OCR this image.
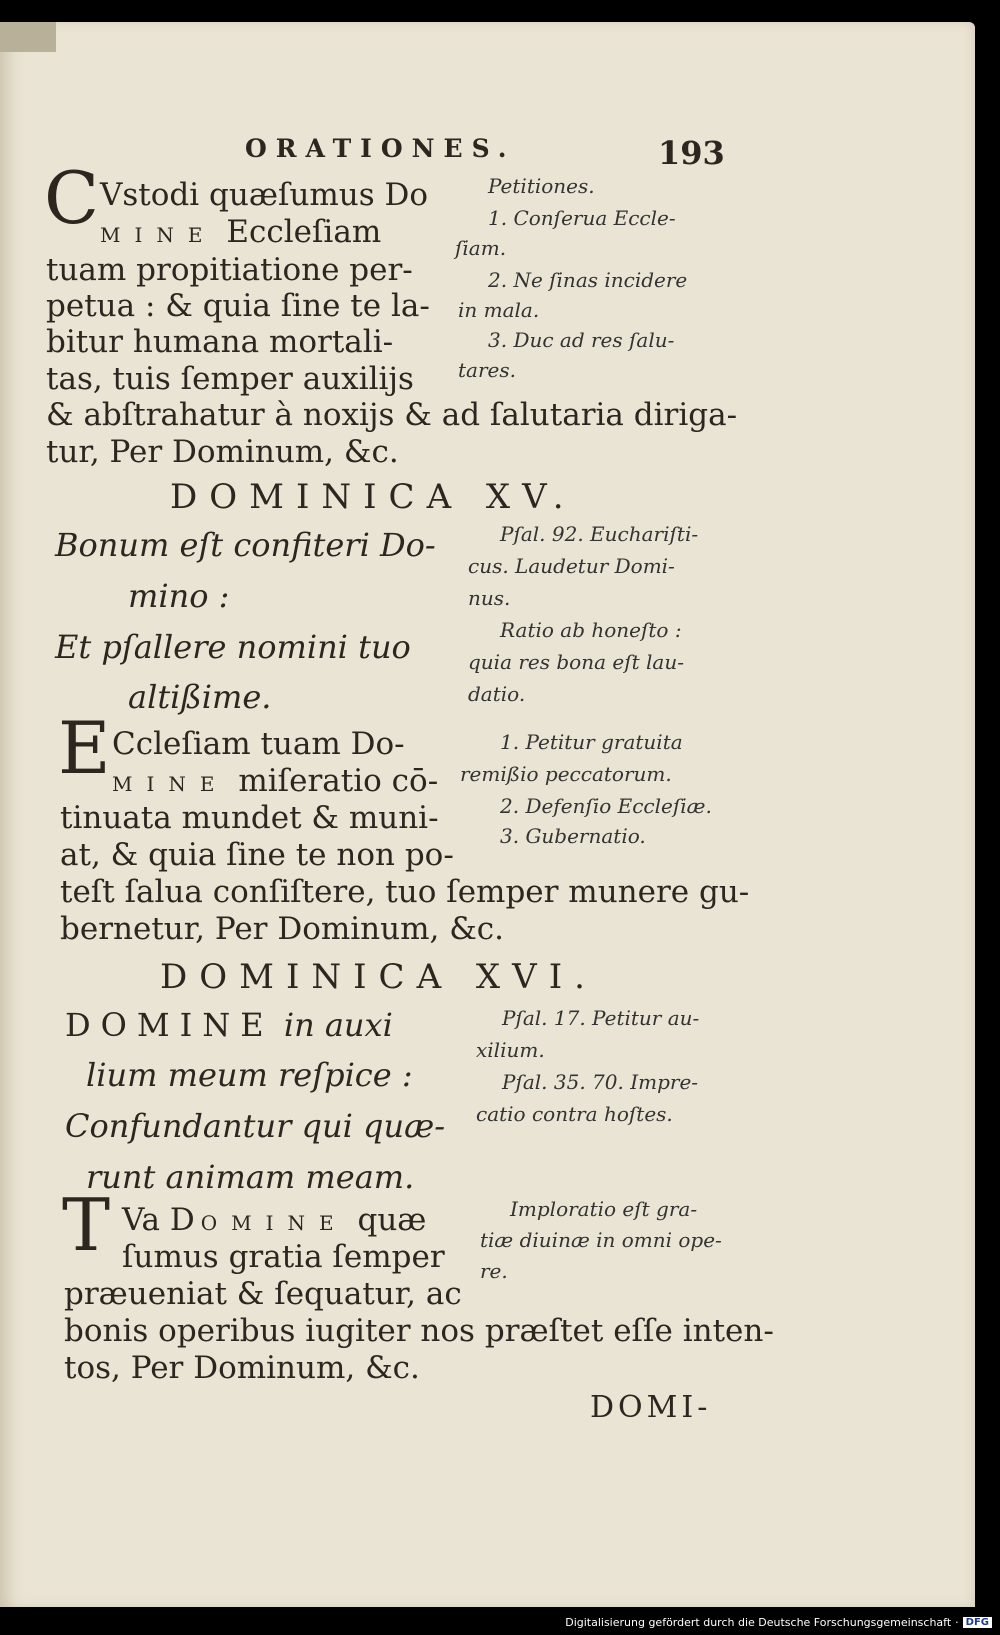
ORATIONES.	193
C Vstodi quæſumus Do
MINE Eccleſiam
tuam propitiatione per-
petua : & quia ſine te la-
bitur humana mortali-
tas, tuis ſemper auxilijs
& abſtrahatur à noxijs & ad ſalutaria diriga-
tur, Per Dominum, &c.
Petitiones.
1. Conſerua Eccle-
ſiam.
2. Ne ſinas incidere
in mala.
3. Duc ad res ſalu-
tares.
DOMINICA XV.
Bonum eſt confiteri Do-
mino :
Et pſallere nomini tuo
altißime.
Pſal. 92. Euchariſti-
cus. Laudetur Domi-
nus.
Ratio ab honeſto :
quia res bona eſt lau-
datio.
E Ccleſiam tuam Do-
MINE miſeratio cō-
tinuata mundet & muni-
at, & quia ſine te non po-
teſt ſalua conſiſtere, tuo ſemper munere gu-
bernetur, Per Dominum, &c.
1. Petitur gratuita
remißio peccatorum.
2. Defenſio Eccleſiæ.
3. Gubernatio.
DOMINICA XVI.
DOMINE in auxi
lium meum reſpice :
Confundantur qui quæ-
runt animam meam.
Pſal. 17. Petitur au-
xilium.
Pſal. 35. 70. Impre-
catio contra hoſtes.
T Va DOMINE quæ
ſumus gratia ſemper
præueniat & ſequatur, ac
bonis operibus iugiter nos præſtet eſſe inten-
tos, Per Dominum, &c.
Imploratio eſt gra-
tiæ diuinæ in omni ope-
re.
DOMI-
Digitalisierung gefördert durch die Deutsche Forschungsgemeinschaft · DFG
